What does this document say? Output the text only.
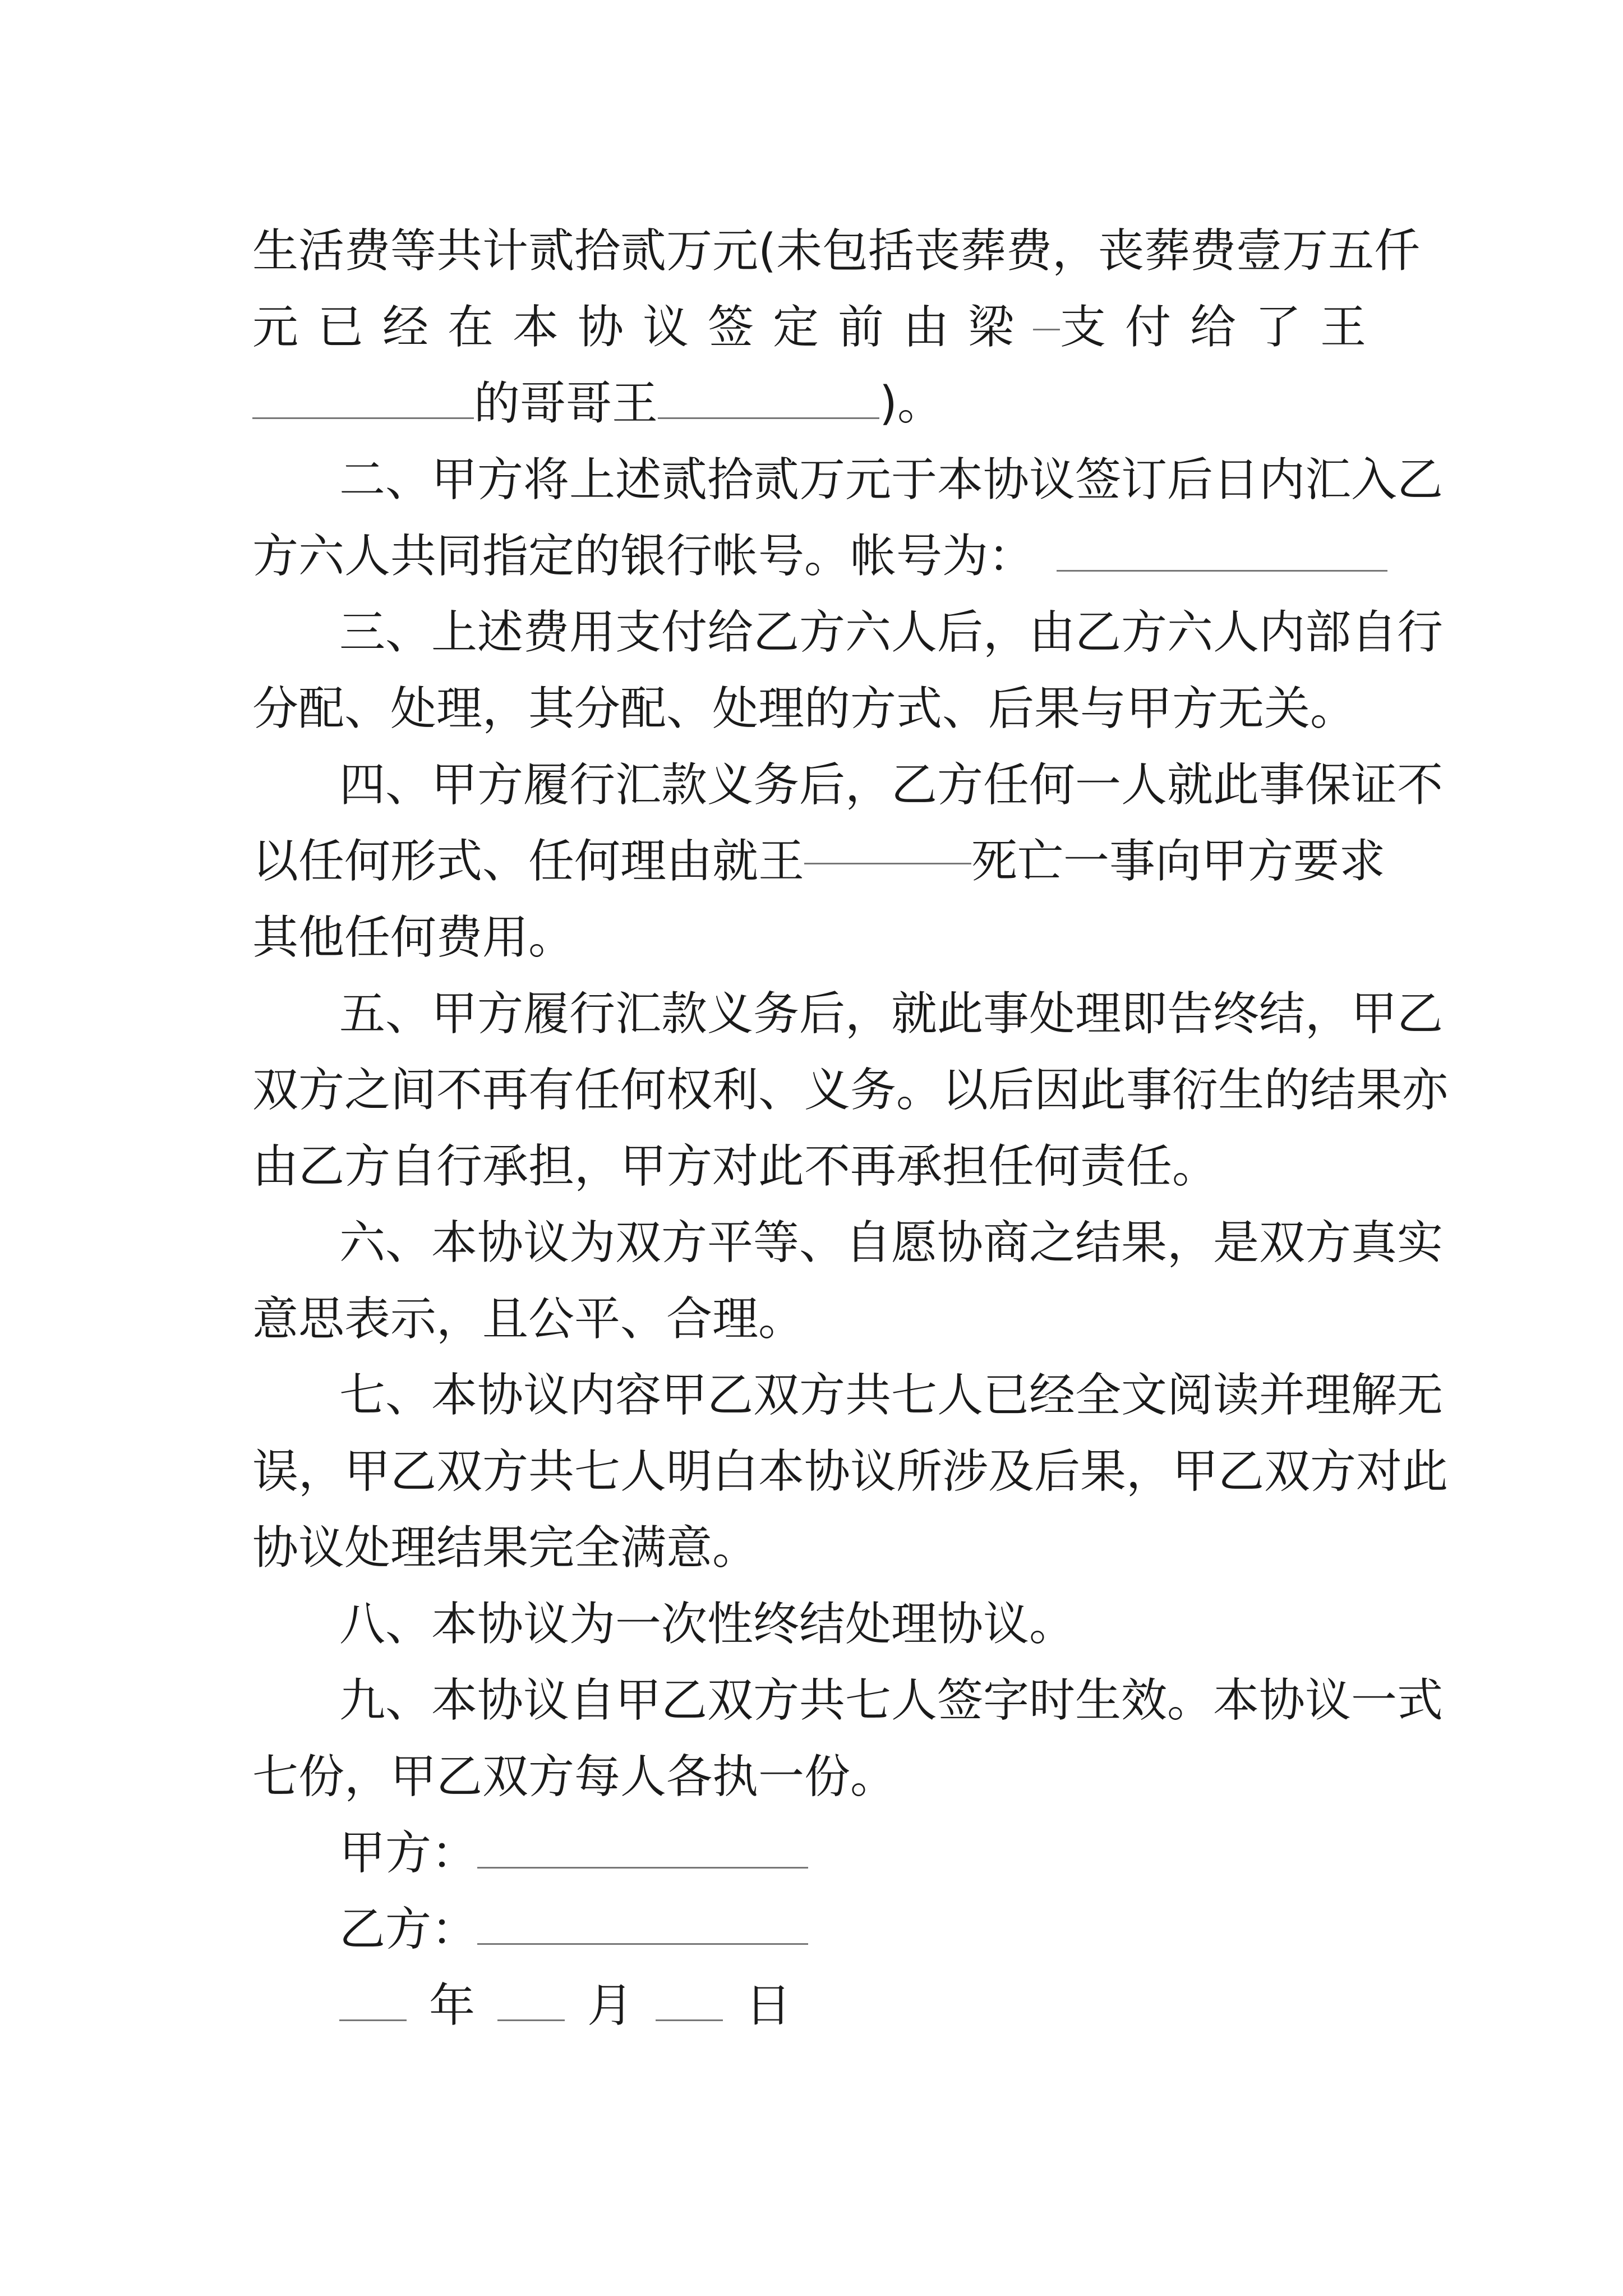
生活费等共计贰拾贰万元(未包括丧葬费，丧葬费壹万五仟
元已经在本协议签定前由梁 支付给了王
的哥哥王	)。
二、甲方将上述贰拾贰万元于本协议签订后日内汇入乙
方六人共同指定的银行帐号。帐号为：
三、上述费用支付给乙方六人后，由乙方六人内部自行
分配、处理，其分配、处理的方式、后果与甲方无关。
四、甲方履行汇款义务后，乙方任何一人就此事保证不
以任何形式、任何理由就王	死亡一事向甲方要求
其他任何费用。
五、甲方履行汇款义务后，就此事处理即告终结，甲乙
双方之间不再有任何权利、义务。以后因此事衍生的结果亦
由乙方自行承担，甲方对此不再承担任何责任。
六、本协议为双方平等、自愿协商之结果，是双方真实
意思表示，且公平、合理。
七、本协议内容甲乙双方共七人已经全文阅读并理解无
误，甲乙双方共七人明白本协议所涉及后果，甲乙双方对此
协议处理结果完全满意。
八、本协议为一次性终结处理协议。
九、本协议自甲乙双方共七人签字时生效。本协议一式
七份，甲乙双方每人各执一份。
甲方：
乙方：
年 月 日
